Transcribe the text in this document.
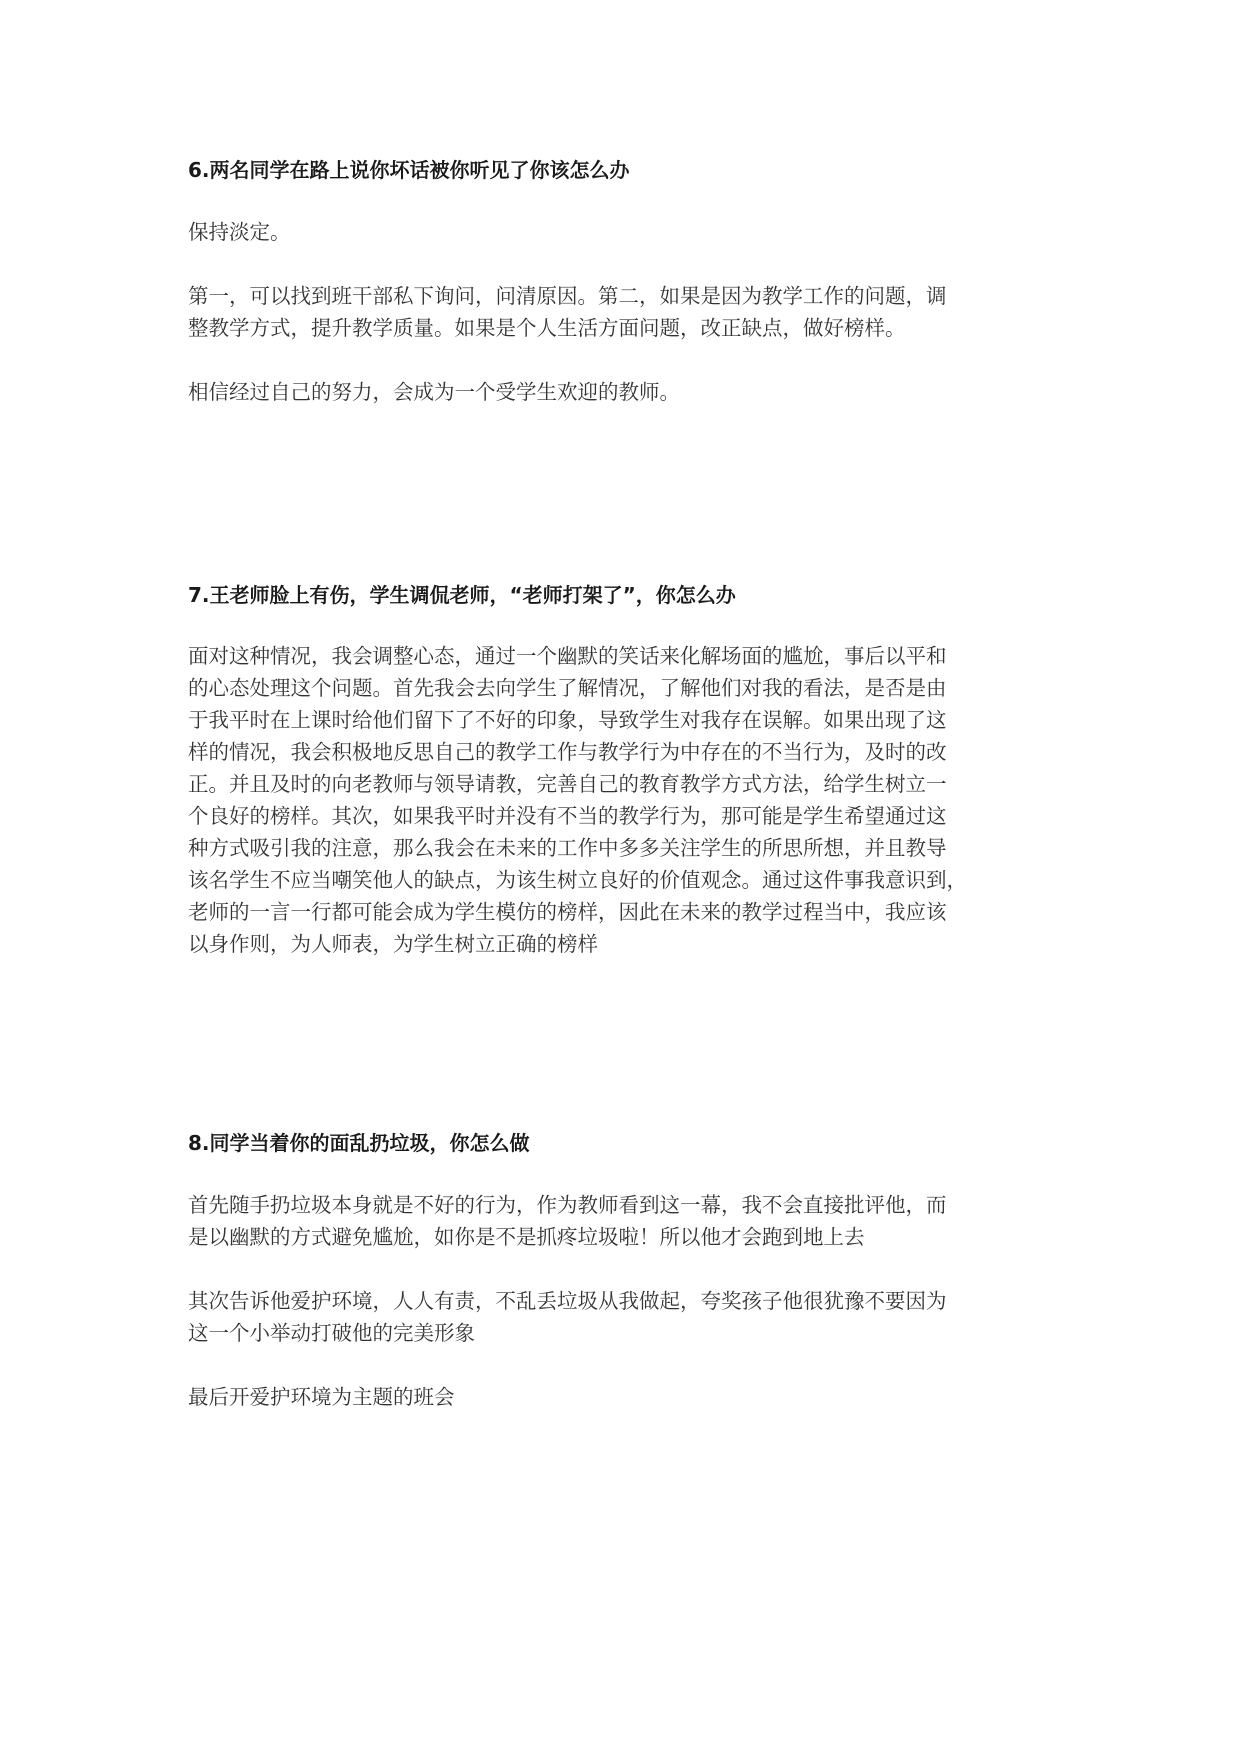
6.两名同学在路上说你坏话被你听见了你该怎么办

保持淡定。

第一，可以找到班干部私下询问，问清原因。第二，如果是因为教学工作的问题，调
整教学方式，提升教学质量。如果是个人生活方面问题，改正缺点，做好榜样。

相信经过自己的努力，会成为一个受学生欢迎的教师。

7.王老师脸上有伤，学生调侃老师，“老师打架了”，你怎么办

面对这种情况，我会调整心态，通过一个幽默的笑话来化解场面的尴尬，事后以平和
的心态处理这个问题。首先我会去向学生了解情况，了解他们对我的看法，是否是由
于我平时在上课时给他们留下了不好的印象，导致学生对我存在误解。如果出现了这
样的情况，我会积极地反思自己的教学工作与教学行为中存在的不当行为，及时的改
正。并且及时的向老教师与领导请教，完善自己的教育教学方式方法，给学生树立一
个良好的榜样。其次，如果我平时并没有不当的教学行为，那可能是学生希望通过这
种方式吸引我的注意，那么我会在未来的工作中多多关注学生的所思所想，并且教导
该名学生不应当嘲笑他人的缺点，为该生树立良好的价值观念。通过这件事我意识到，
老师的一言一行都可能会成为学生模仿的榜样，因此在未来的教学过程当中，我应该
以身作则，为人师表，为学生树立正确的榜样

8.同学当着你的面乱扔垃圾，你怎么做

首先随手扔垃圾本身就是不好的行为，作为教师看到这一幕，我不会直接批评他，而
是以幽默的方式避免尴尬，如你是不是抓疼垃圾啦！所以他才会跑到地上去

其次告诉他爱护环境，人人有责，不乱丢垃圾从我做起，夸奖孩子他很犹豫不要因为
这一个小举动打破他的完美形象

最后开爱护环境为主题的班会
